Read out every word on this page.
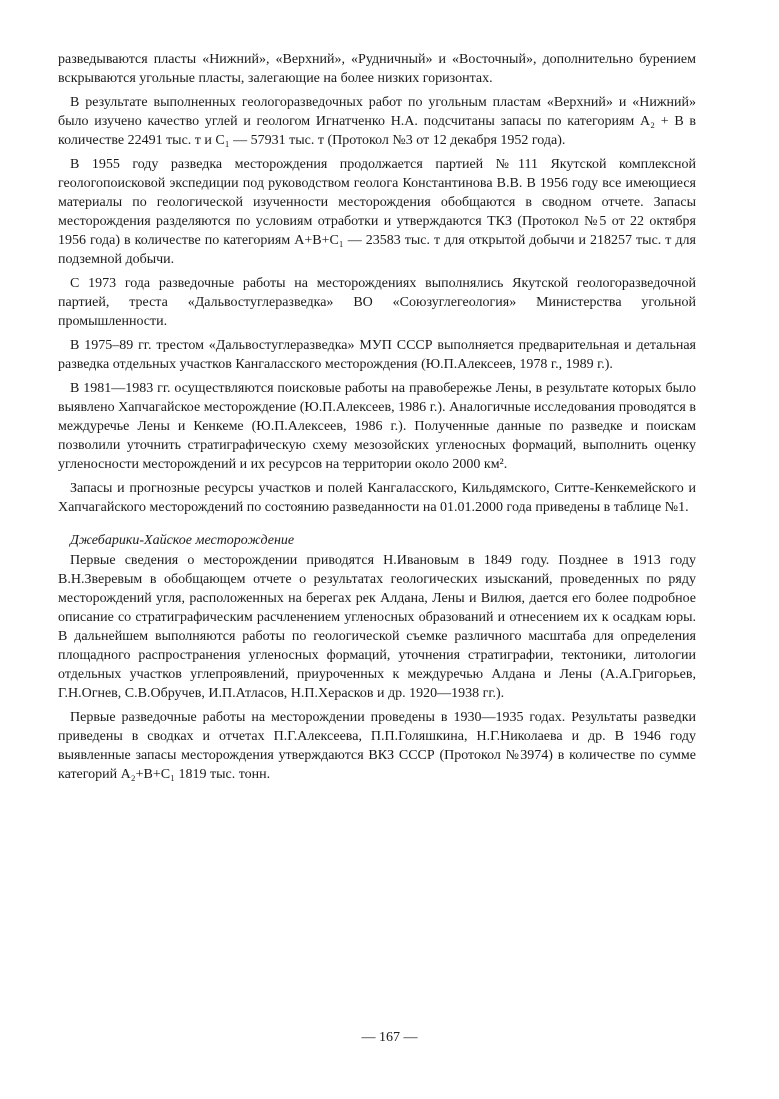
разведываются пласты «Нижний», «Верхний», «Рудничный» и «Восточный», дополнительно бурением вскрываются угольные пласты, залегающие на более низких горизонтах.

В результате выполненных геологоразведочных работ по угольным пластам «Верхний» и «Нижний» было изучено качество углей и геологом Игнатченко Н.А. подсчитаны запасы по категориям А₂ + В в количестве 22491 тыс. т и С₁ — 57931 тыс. т (Протокол №3 от 12 декабря 1952 года).

В 1955 году разведка месторождения продолжается партией №111 Якутской комплексной геологопоисковой экспедиции под руководством геолога Константинова В.В. В 1956 году все имеющиеся материалы по геологической изученности месторождения обобщаются в сводном отчете. Запасы месторождения разделяются по условиям отработки и утверждаются ТКЗ (Протокол №5 от 22 октября 1956 года) в количестве по категориям А+В+С₁ — 23583 тыс. т для открытой добычи и 218257 тыс. т для подземной добычи.

С 1973 года разведочные работы на месторождениях выполнялись Якутской геологоразведочной партией, треста «Дальвостуглеразведка» ВО «Союзуглегеология» Министерства угольной промышленности.

В 1975–89 гг. трестом «Дальвостуглеразведка» МУП СССР выполняется предварительная и детальная разведка отдельных участков Кангаласского месторождения (Ю.П.Алексеев, 1978 г., 1989 г.).

В 1981—1983 гг. осуществляются поисковые работы на правобережье Лены, в результате которых было выявлено Хапчагайское месторождение (Ю.П.Алексеев, 1986 г.). Аналогичные исследования проводятся в междуречье Лены и Кенкеме (Ю.П.Алексеев, 1986 г.). Полученные данные по разведке и поискам позволили уточнить стратиграфическую схему мезозойских угленосных формаций, выполнить оценку угленосности месторождений и их ресурсов на территории около 2000 км².

Запасы и прогнозные ресурсы участков и полей Кангаласского, Кильдямского, Ситте-Кенкемейского и Хапчагайского месторождений по состоянию разведанности на 01.01.2000 года приведены в таблице №1.

Джебарики-Хайское месторождение

Первые сведения о месторождении приводятся Н.Ивановым в 1849 году. Позднее в 1913 году В.Н.Зверевым в обобщающем отчете о результатах геологических изысканий, проведенных по ряду месторождений угля, расположенных на берегах рек Алдана, Лены и Вилюя, дается его более подробное описание со стратиграфическим расчленением угленосных образований и отнесением их к осадкам юры. В дальнейшем выполняются работы по геологической съемке различного масштаба для определения площадного распространения угленосных формаций, уточнения стратиграфии, тектоники, литологии отдельных участков углепроявлений, приуроченных к междуречью Алдана и Лены (А.А.Григорьев, Г.Н.Огнев, С.В.Обручев, И.П.Атласов, Н.П.Херасков и др. 1920—1938 гг.).

Первые разведочные работы на месторождении проведены в 1930—1935 годах. Результаты разведки приведены в сводках и отчетах П.Г.Алексеева, П.П.Голяшкина, Н.Г.Николаева и др. В 1946 году выявленные запасы месторождения утверждаются ВКЗ СССР (Протокол №3974) в количестве по сумме категорий А₂+В+С₁ 1819 тыс. тонн.

— 167 —
